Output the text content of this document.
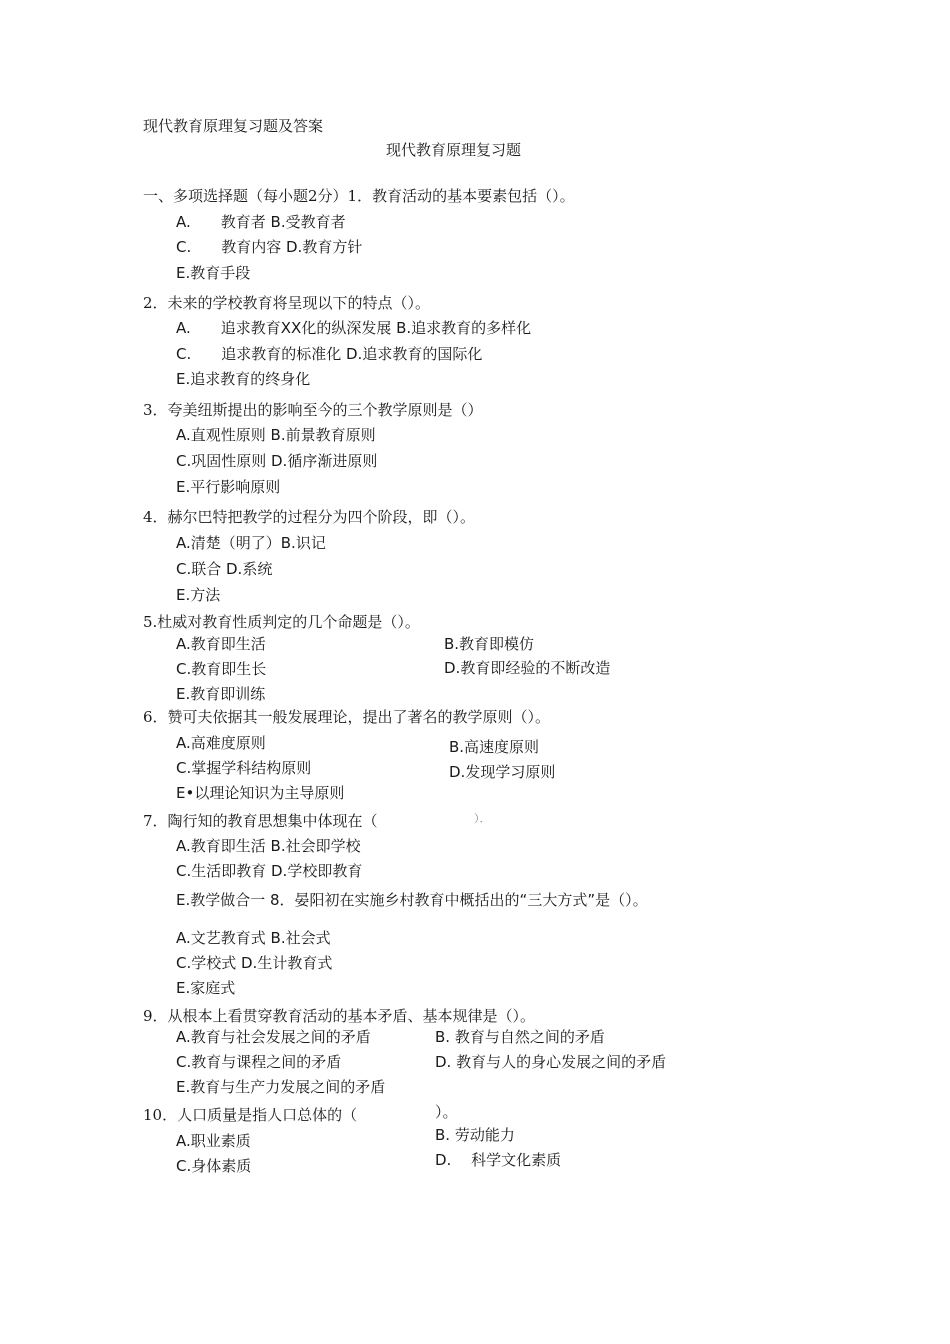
现代教育原理复习题及答案
现代教育原理复习题
一、多项选择题（每小题2分）1．教育活动的基本要素包括（）。
A.　　教育者 B.受教育者
C.　　教育内容 D.教育方针
E.教育手段
2．未来的学校教育将呈现以下的特点（）。
A.　　追求教育XX化的纵深发展 B.追求教育的多样化
C.　　追求教育的标准化 D.追求教育的国际化
E.追求教育的终身化
3．夸美纽斯提出的影响至今的三个教学原则是（）
A.直观性原则 B.前景教育原则
C.巩固性原则 D.循序渐进原则
E.平行影响原则
4．赫尔巴特把教学的过程分为四个阶段，即（）。
A.清楚（明了）B.识记
C.联合 D.系统
E.方法
5.杜威对教育性质判定的几个命题是（）。
A.教育即生活	B.教育即模仿
C.教育即生长	D.教育即经验的不断改造
E.教育即训练
6．赞可夫依据其一般发展理论，提出了著名的教学原则（）。
A.高难度原则	B.高速度原则
C.掌握学科结构原则	D.发现学习原则
E•以理论知识为主导原则
7．陶行知的教育思想集中体现在（	）．
A.教育即生活 B.社会即学校
C.生活即教育 D.学校即教育
E.教学做合一 8．晏阳初在实施乡村教育中概括出的“三大方式”是（）。
A.文艺教育式 B.社会式
C.学校式 D.生计教育式
E.家庭式
9．从根本上看贯穿教育活动的基本矛盾、基本规律是（）。
A.教育与社会发展之间的矛盾	B. 教育与自然之间的矛盾
C.教育与课程之间的矛盾	D. 教育与人的身心发展之间的矛盾
E.教育与生产力发展之间的矛盾
10．人口质量是指人口总体的（	）。
A.职业素质	B. 劳动能力
C.身体素质	D.　 科学文化素质
